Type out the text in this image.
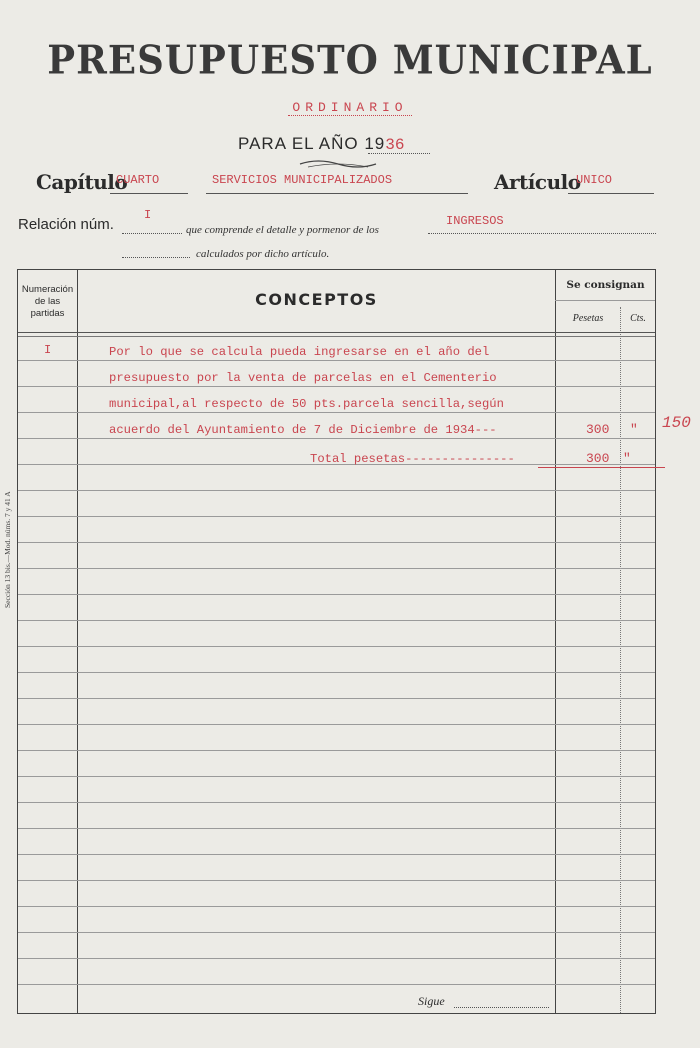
PRESUPUESTO MUNICIPAL
ORDINARIO
PARA EL AÑO 1936
Capítulo
CUARTO	SERVICIOS MUNICIPALIZADOS	Artículo
UNICO
Relación núm.
I
que comprende el detalle y pormenor de los
INGRESOS
calculados por dicho artículo.
Sección 13 bis.—Mod. núms. 7 y 41 A
Numeración de las partidas
CONCEPTOS
Se consignan
Pesetas	Cts.
I	Por lo que se calcula pueda ingresarse en el año del
presupuesto por la venta de parcelas en el Cementerio
municipal,al respecto de 50 pts.parcela sencilla,según
acuerdo del Ayuntamiento de 7 de Diciembre de 1934---	300 "
Total pesetas---------------	300 "
Sigue
150
